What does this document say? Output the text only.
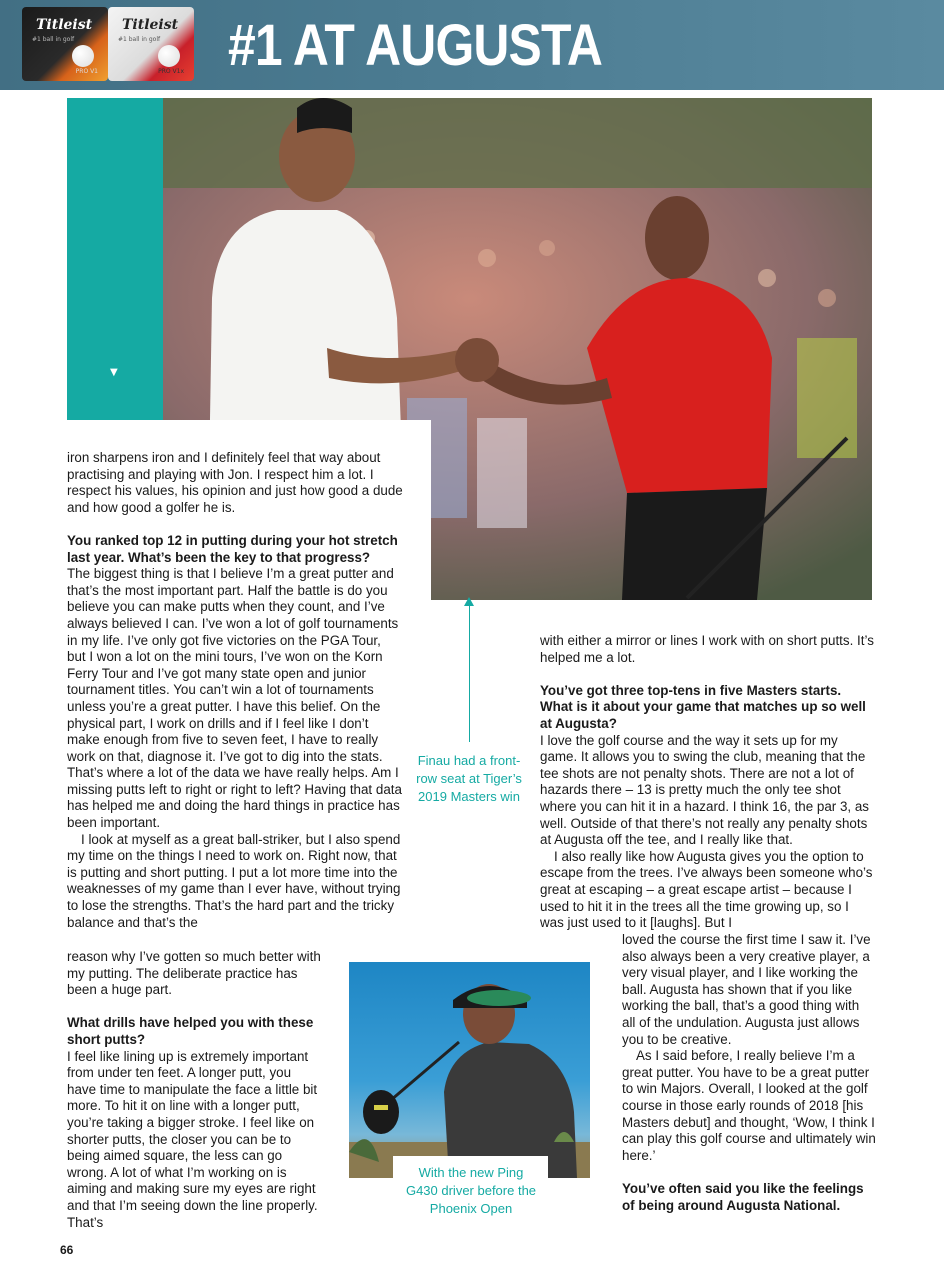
Titleist
#1 ball in golf
PRO V1
Titleist
#1 ball in golf
PRO V1x #1 AT AUGUSTA
▼

iron sharpens iron and I definitely feel that way about practising and playing with Jon. I respect him a lot. I respect his values, his opinion and just how good a dude and how good a golfer he is.

You ranked top 12 in putting during your hot stretch last year. What’s been the key to that progress?

The biggest thing is that I believe I’m a great putter and that’s the most important part. Half the battle is do you believe you can make putts when they count, and I’ve always believed I can. I’ve won a lot of golf tournaments in my life. I’ve only got five victories on the PGA Tour, but I won a lot on the mini tours, I’ve won on the Korn Ferry Tour and I’ve got many state open and junior tournament titles. You can’t win a lot of tournaments unless you’re a great putter. I have this belief. On the physical part, I work on drills and if I feel like I don’t make enough from five to seven feet, I have to really work on that, diagnose it. I’ve got to dig into the stats. That’s where a lot of the data we have really helps. Am I missing putts left to right or right to left? Having that data has helped me and doing the hard things in practice has been important.

I look at myself as a great ball-striker, but I also spend my time on the things I need to work on. Right now, that is putting and short putting. I put a lot more time into the weaknesses of my game than I ever have, without trying to lose the strengths. That’s the hard part and the tricky balance and that’s the

reason why I’ve gotten so much better with my putting. The deliberate practice has been a huge part.

What drills have helped you with these short putts?

I feel like lining up is extremely important from under ten feet. A longer putt, you have time to manipulate the face a little bit more. To hit it on line with a longer putt, you’re taking a bigger stroke. I feel like on shorter putts, the closer you can be to being aimed square, the less can go wrong. A lot of what I’m working on is aiming and making sure my eyes are right and that I’m seeing down the line properly. That’s

with either a mirror or lines I work with on short putts. It’s helped me a lot.

You’ve got three top-tens in five Masters starts. What is it about your game that matches up so well at Augusta?

I love the golf course and the way it sets up for my game. It allows you to swing the club, meaning that the tee shots are not penalty shots. There are not a lot of hazards there – 13 is pretty much the only tee shot where you can hit it in a hazard. I think 16, the par 3, as well. Outside of that there’s not really any penalty shots at Augusta off the tee, and I really like that.

I also really like how Augusta gives you the option to escape from the trees. I’ve always been someone who’s great at escaping – a great escape artist – because I used to hit it in the trees all the time growing up, so I was just used to it [laughs]. But I

loved the course the first time I saw it. I’ve also always been a very creative player, a very visual player, and I like working the ball. Augusta has shown that if you like working the ball, that’s a good thing with all of the undulation. Augusta just allows you to be creative.

As I said before, I really believe I’m a great putter. You have to be a great putter to win Majors. Overall, I looked at the golf course in those early rounds of 2018 [his Masters debut] and thought, ‘Wow, I think I can play this golf course and ultimately win here.’

You’ve often said you like the feelings of being around Augusta National.

Finau had a front-row seat at Tiger’s 2019 Masters win
With the new Ping G430 driver before the Phoenix Open
66
